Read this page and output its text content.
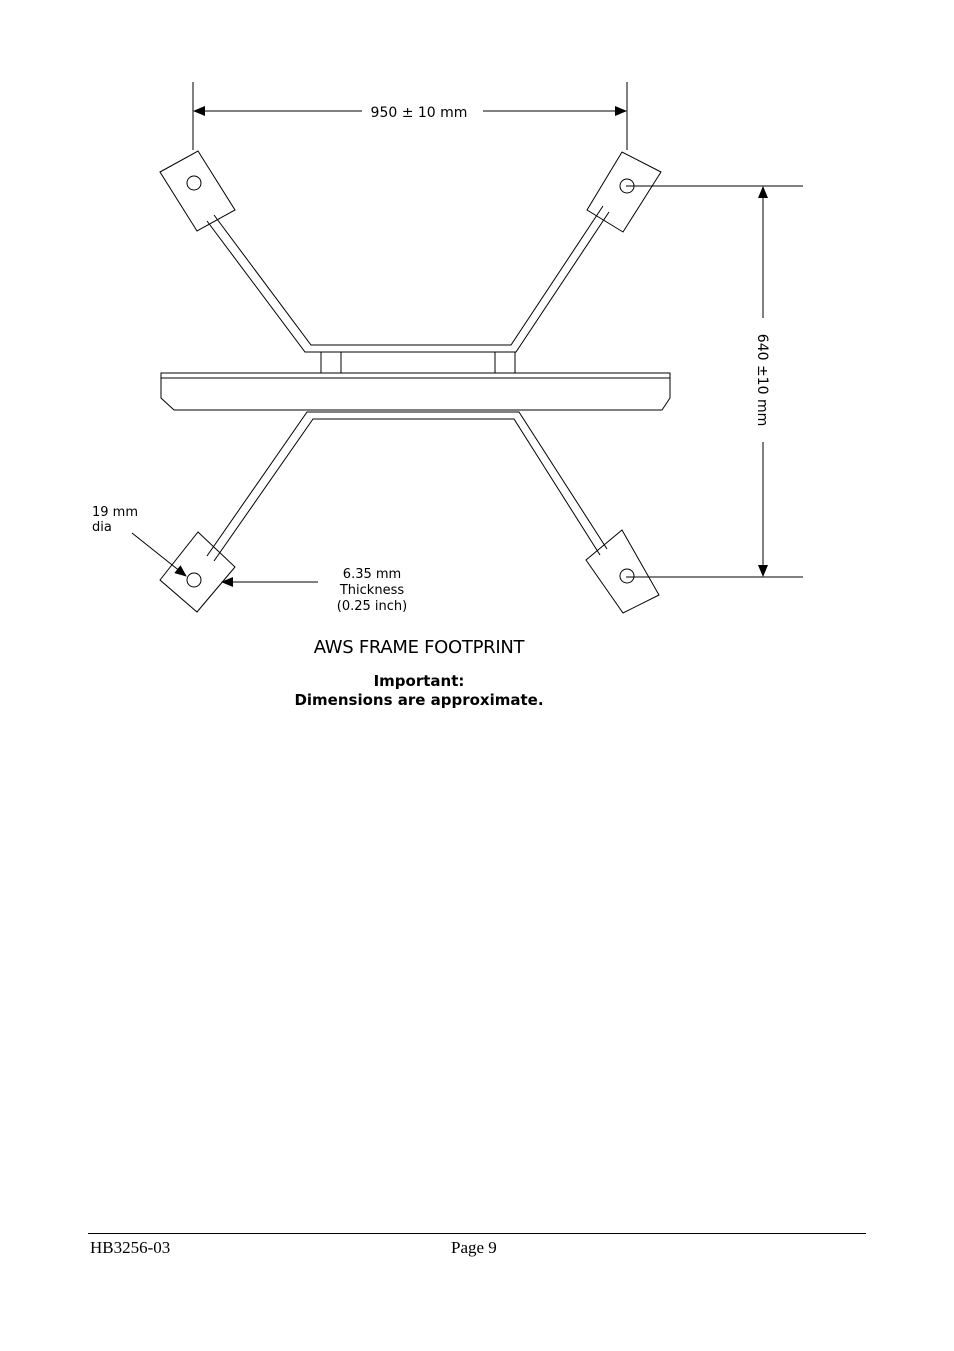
950 ± 10 mm
640 ±10 mm
19 mm
dia
6.35 mm
Thickness
(0.25 inch)
AWS FRAME FOOTPRINT
Important:
Dimensions are approximate.
HB3256-03	Page 9
